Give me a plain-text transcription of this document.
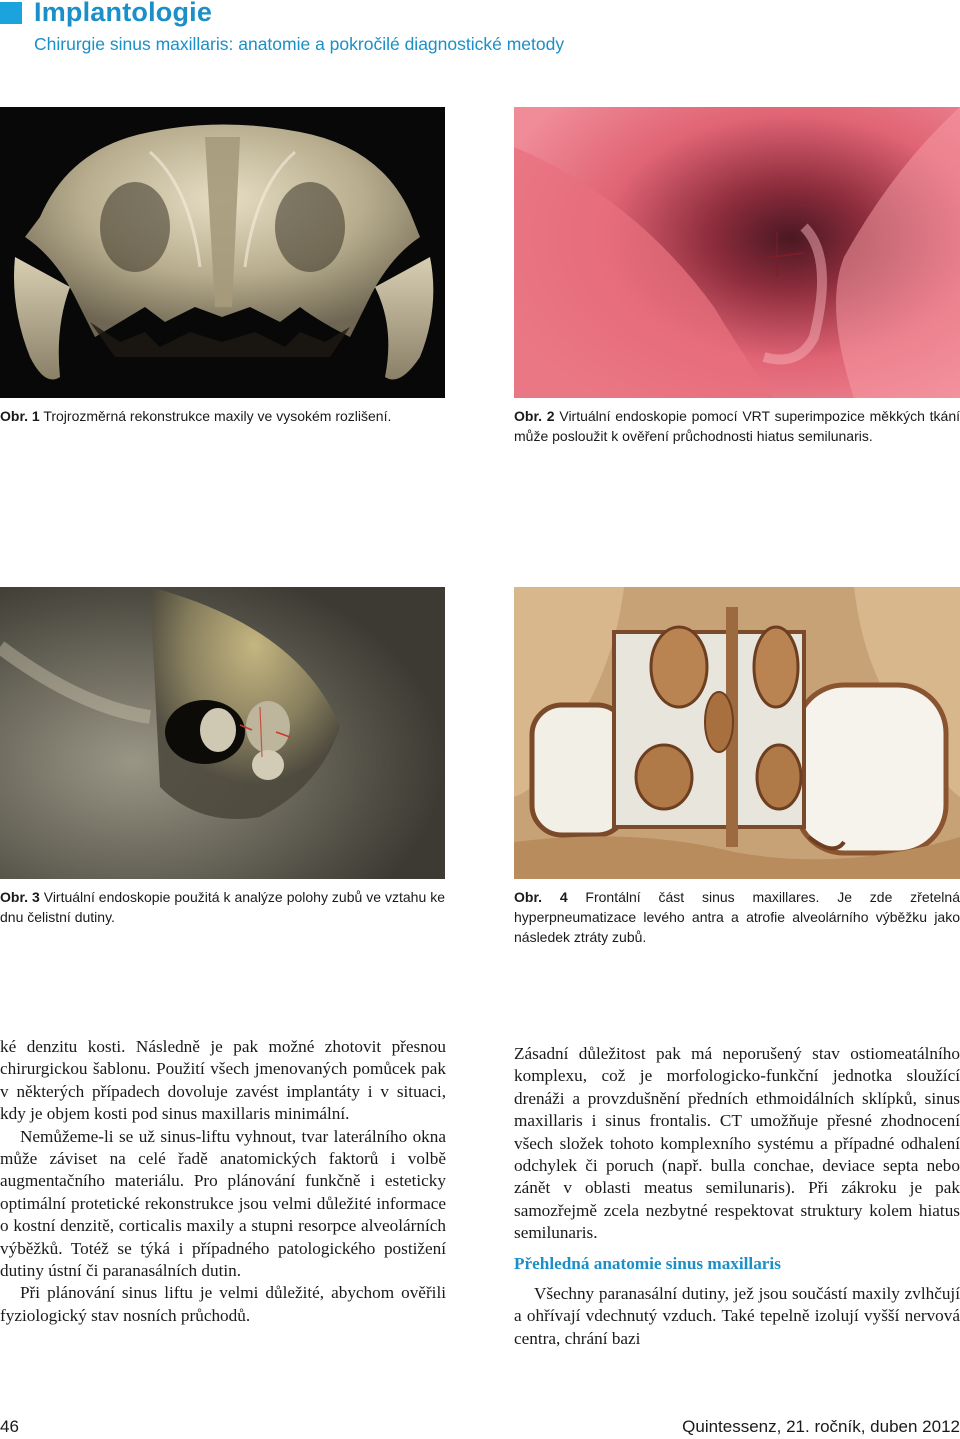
Implantologie
Chirurgie sinus maxillaris: anatomie a pokročilé diagnostické metody
Obr. 1 Trojrozměrná rekonstrukce maxily ve vysokém rozlišení.	Obr. 2 Virtuální endoskopie pomocí VRT superimpozice měkkých tkání může posloužit k ověření průchodnosti hiatus semilunaris.
Obr. 3 Virtuální endoskopie použitá k analýze polohy zubů ve vztahu ke dnu čelistní dutiny.
Obr. 4 Frontální část sinus maxillares. Je zde zřetelná hyperpneumatizace levého antra a atrofie alveolárního výběžku jako následek ztráty zubů.

ké denzitu kosti. Následně je pak možné zhotovit přesnou chirurgickou šablonu. Použití všech jmenovaných pomůcek pak v některých případech dovoluje zavést implantáty i v situaci, kdy je objem kosti pod sinus maxillaris minimální.

Nemůžeme-li se už sinus-liftu vyhnout, tvar laterálního okna může záviset na celé řadě anatomických faktorů i volbě augmentačního materiálu. Pro plánování funkčně i esteticky optimální protetické rekonstrukce jsou velmi důležité informace o kostní denzitě, corticalis maxily a stupni resorpce alveolárních výběžků. Totéž se týká i případného patologického postižení dutiny ústní či paranasálních dutin.

Při plánování sinus liftu je velmi důležité, abychom ověřili fyziologický stav nosních průchodů.

Zásadní důležitost pak má neporušený stav ostiomeatálního komplexu, což je morfologicko-funkční jednotka sloužící drenáži a provzdušnění předních ethmoidálních sklípků, sinus maxillaris i sinus frontalis. CT umožňuje přesné zhodnocení všech složek tohoto komplexního systému a případné odhalení odchylek či poruch (např. bulla conchae, deviace septa nebo zánět v oblasti meatus semilunaris). Při zákroku je pak samozřejmě zcela nezbytné respektovat struktury kolem hiatus semilunaris.

Přehledná anatomie sinus maxillaris

Všechny paranasální dutiny, jež jsou součástí maxily zvlhčují a ohřívají vdechnutý vzduch. Také tepelně izolují vyšší nervová centra, chrání bazi

46	Quintessenz, 21. ročník, duben 2012
